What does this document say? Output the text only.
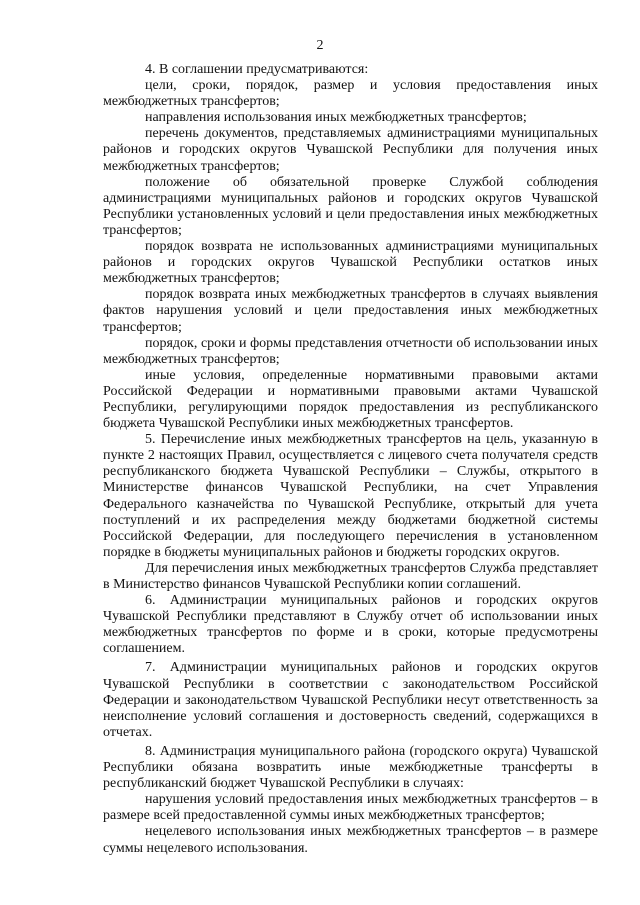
2

4. В соглашении предусматриваются:

цели, сроки, порядок, размер и условия предоставления иных межбюджетных трансфертов;

направления использования иных межбюджетных трансфертов;

перечень документов, представляемых администрациями муниципальных районов и городских округов Чувашской Республики для получения иных межбюджетных трансфертов;

положение об обязательной проверке Службой соблюдения администрациями муниципальных районов и городских округов Чувашской Республики установленных условий и цели предоставления иных межбюджетных трансфертов;

порядок возврата не использованных администрациями муниципальных районов и городских округов Чувашской Республики остатков иных межбюджетных трансфертов;

порядок возврата иных межбюджетных трансфертов в случаях выявления фактов нарушения условий и цели предоставления иных межбюджетных трансфертов;

порядок, сроки и формы представления отчетности об использовании иных межбюджетных трансфертов;

иные условия, определенные нормативными правовыми актами Российской Федерации и нормативными правовыми актами Чувашской Республики, регулирующими порядок предоставления из республиканского бюджета Чувашской Республики иных межбюджетных трансфертов.

5. Перечисление иных межбюджетных трансфертов на цель, указанную в пункте 2 настоящих Правил, осуществляется с лицевого счета получателя средств республиканского бюджета Чувашской Республики – Службы, открытого в Министерстве финансов Чувашской Республики, на счет Управления Федерального казначейства по Чувашской Республике, открытый для учета поступлений и их распределения между бюджетами бюджетной системы Российской Федерации, для последующего перечисления в установленном порядке в бюджеты муниципальных районов и бюджеты городских округов.

Для перечисления иных межбюджетных трансфертов Служба представляет в Министерство финансов Чувашской Республики копии соглашений.

6. Администрации муниципальных районов и городских округов Чувашской Республики представляют в Службу отчет об использовании иных межбюджетных трансфертов по форме и в сроки, которые предусмотрены соглашением.

7. Администрации муниципальных районов и городских округов Чувашской Республики в соответствии с законодательством Российской Федерации и законодательством Чувашской Республики несут ответственность за неисполнение условий соглашения и достоверность сведений, содержащихся в отчетах.

8. Администрация муниципального района (городского округа) Чувашской Республики обязана возвратить иные межбюджетные трансферты в республиканский бюджет Чувашской Республики в случаях:

нарушения условий предоставления иных межбюджетных трансфертов – в размере всей предоставленной суммы иных межбюджетных трансфертов;

нецелевого использования иных межбюджетных трансфертов – в размере суммы нецелевого использования.
